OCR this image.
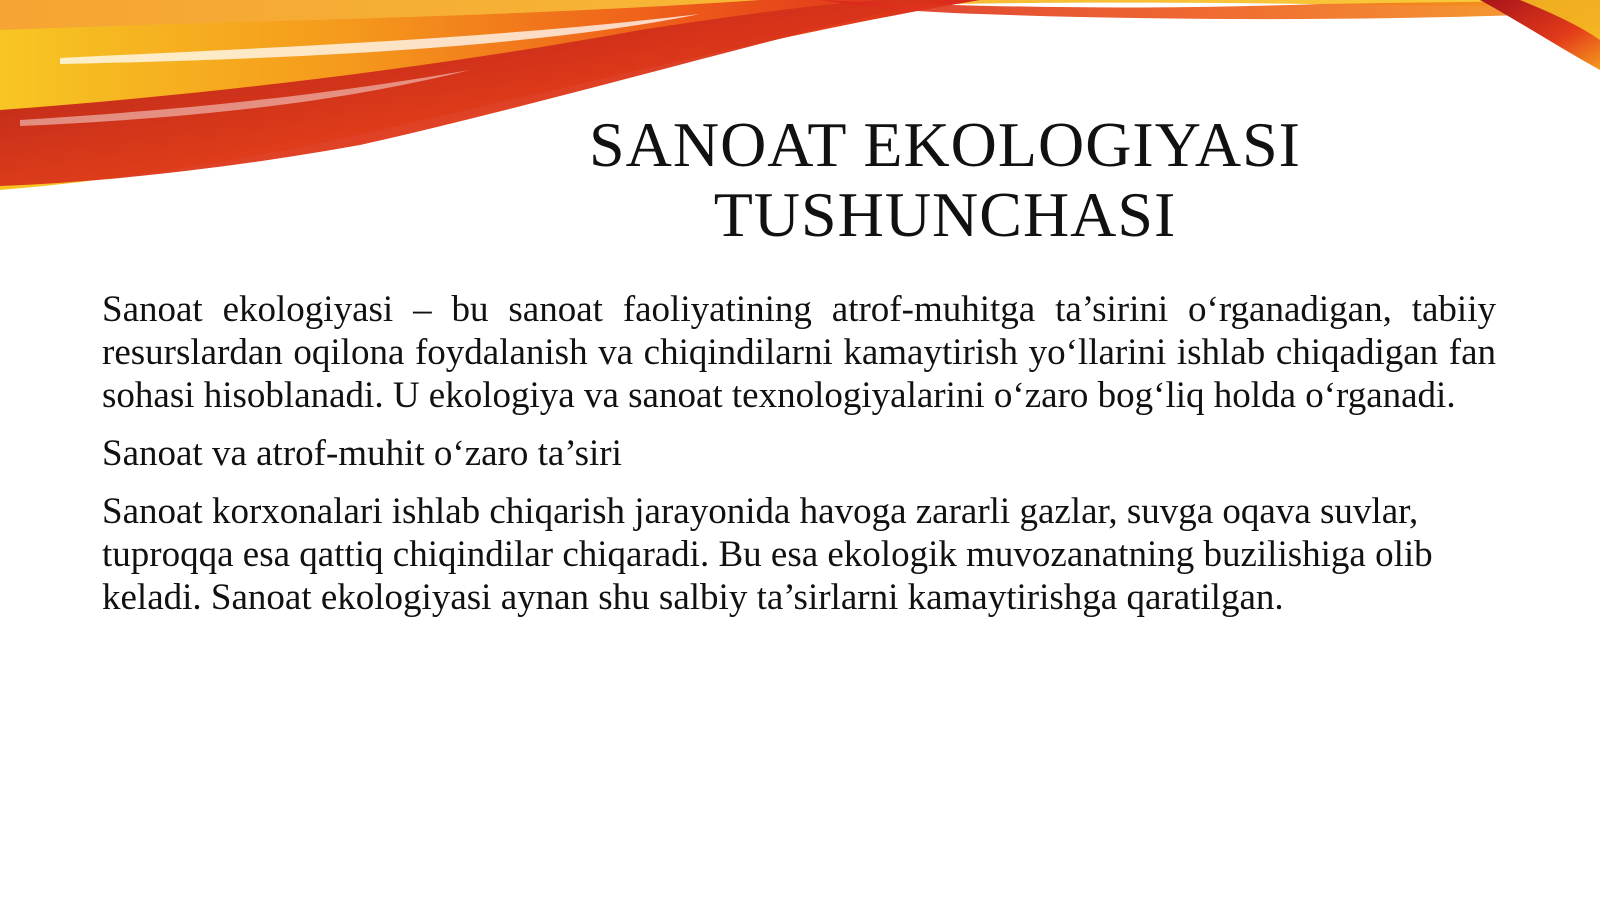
SANOAT EKOLOGIYASI
TUSHUNCHASI

Sanoat ekologiyasi – bu sanoat faoliyatining atrof-muhitga ta’sirini o‘rganadigan, tabiiy resurslardan oqilona foydalanish va chiqindilarni kamaytirish yo‘llarini ishlab chiqadigan fan sohasi hisoblanadi. U ekologiya va sanoat texnologiyalarini o‘zaro bog‘liq holda o‘rganadi.

Sanoat va atrof-muhit o‘zaro ta’siri

Sanoat korxonalari ishlab chiqarish jarayonida havoga zararli gazlar, suvga oqava suvlar, tuproqqa esa qattiq chiqindilar chiqaradi. Bu esa ekologik muvozanatning buzilishiga olib keladi. Sanoat ekologiyasi aynan shu salbiy ta’sirlarni kamaytirishga qaratilgan.
